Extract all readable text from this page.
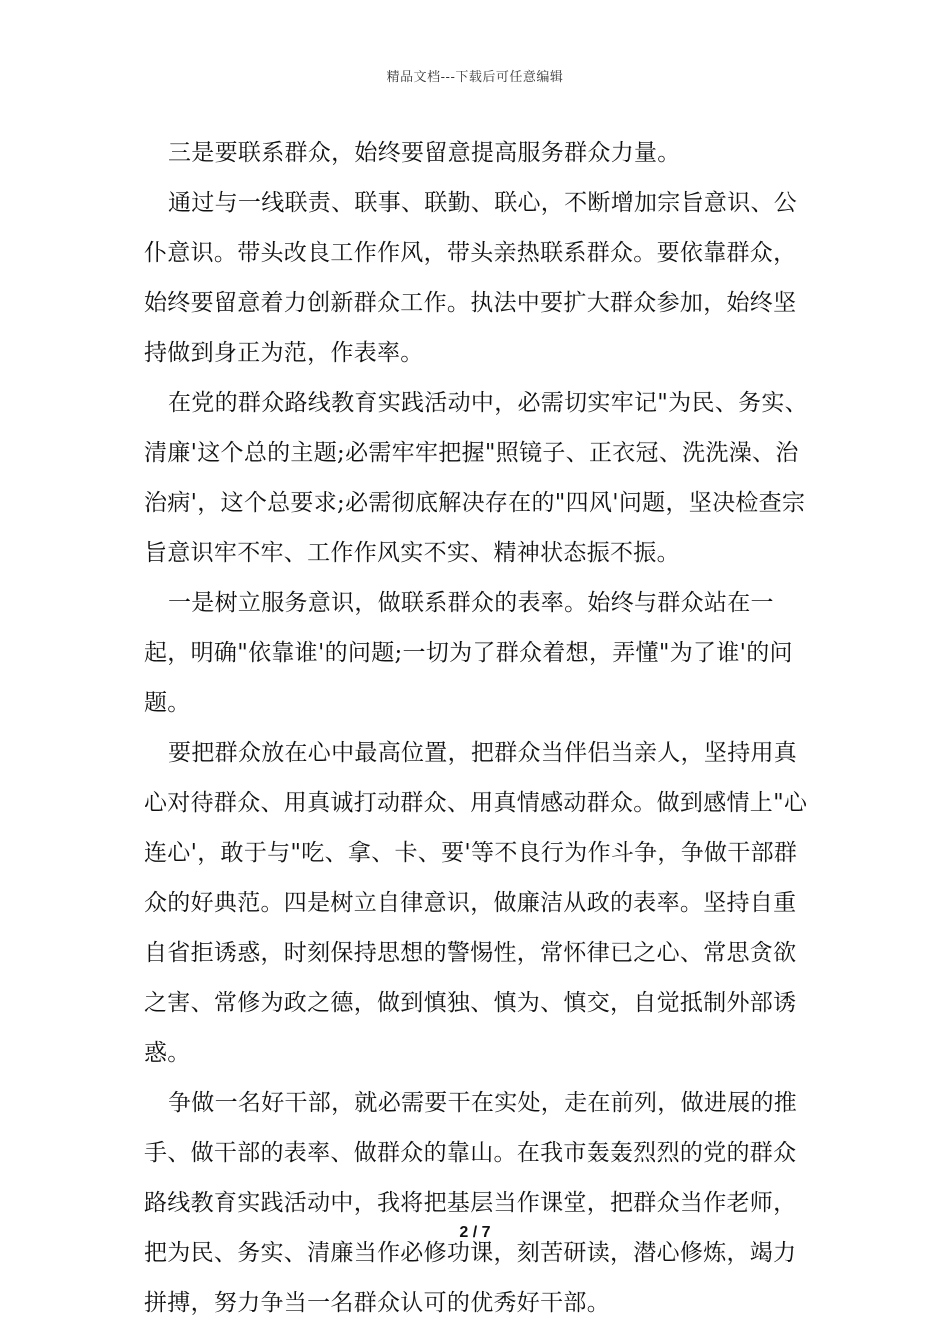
精品文档---下载后可任意编辑

三是要联系群众，始终要留意提高服务群众力量。

通过与一线联责、联事、联勤、联心，不断增加宗旨意识、公仆意识。带头改良工作作风，带头亲热联系群众。要依靠群众，始终要留意着力创新群众工作。执法中要扩大群众参加，始终坚持做到身正为范，作表率。

在党的群众路线教育实践活动中，必需切实牢记"为民、务实、清廉'这个总的主题;必需牢牢把握"照镜子、正衣冠、洗洗澡、治治病'，这个总要求;必需彻底解决存在的"四风'问题，坚决检查宗旨意识牢不牢、工作作风实不实、精神状态振不振。

一是树立服务意识，做联系群众的表率。始终与群众站在一起，明确"依靠谁'的问题;一切为了群众着想，弄懂"为了谁'的问题。

要把群众放在心中最高位置，把群众当伴侣当亲人，坚持用真心对待群众、用真诚打动群众、用真情感动群众。做到感情上"心连心'，敢于与"吃、拿、卡、要'等不良行为作斗争，争做干部群众的好典范。四是树立自律意识，做廉洁从政的表率。坚持自重自省拒诱惑，时刻保持思想的警惕性，常怀律已之心、常思贪欲之害、常修为政之德，做到慎独、慎为、慎交，自觉抵制外部诱惑。

争做一名好干部，就必需要干在实处，走在前列，做进展的推手、做干部的表率、做群众的靠山。在我市轰轰烈烈的党的群众路线教育实践活动中，我将把基层当作课堂，把群众当作老师，把为民、务实、清廉当作必修功课，刻苦研读，潜心修炼，竭力拼搏，努力争当一名群众认可的优秀好干部。

2 / 7
